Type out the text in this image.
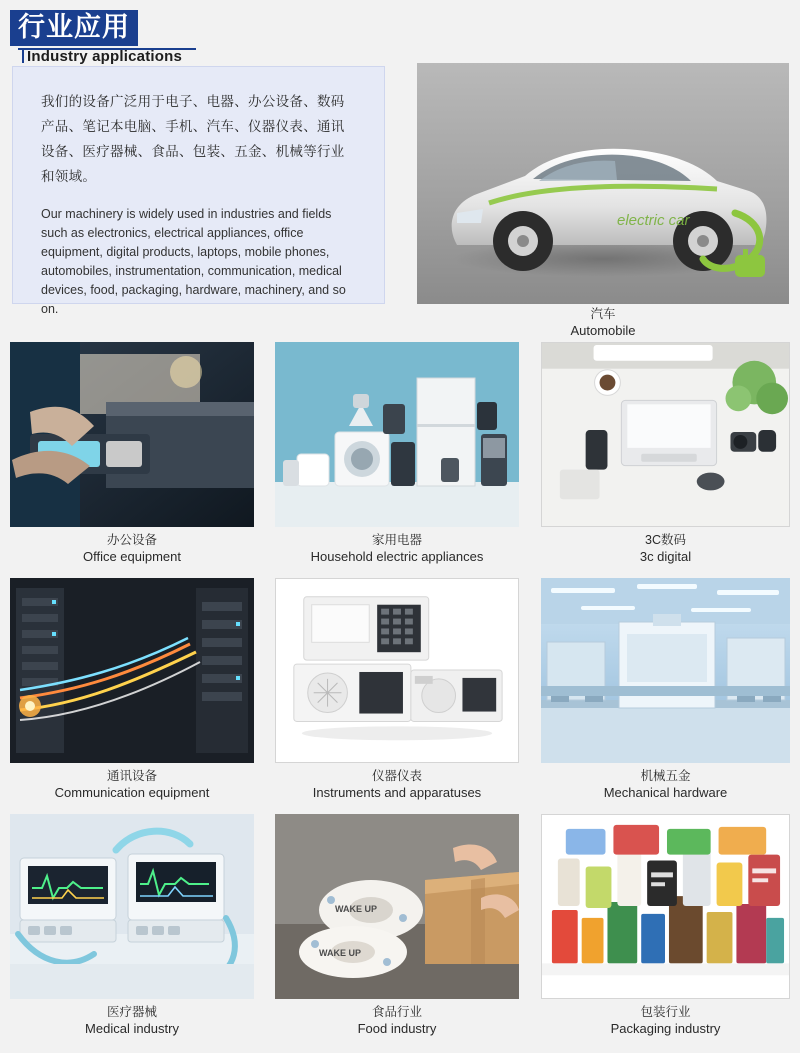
行业应用
Industry applications

我们的设备广泛用于电子、电器、办公设备、数码产品、笔记本电脑、手机、汽车、仪器仪表、通讯设备、医疗器械、食品、包装、五金、机械等行业和领域。

Our machinery is widely used in industries and fields such as electronics, electrical appliances, office equipment, digital products, laptops, mobile phones, automobiles, instrumentation, communication, medical devices, food, packaging, hardware, machinery, and so on.

electric car
汽车
Automobile
办公设备
Office equipment
家用电器
Household electric appliances
3C数码
3c digital
通讯设备
Communication equipment
仪器仪表
Instruments and apparatuses
机械五金
Mechanical hardware
医疗器械
Medical industry
WAKE UP
WAKE UP
食品行业
Food industry
包装行业
Packaging industry
